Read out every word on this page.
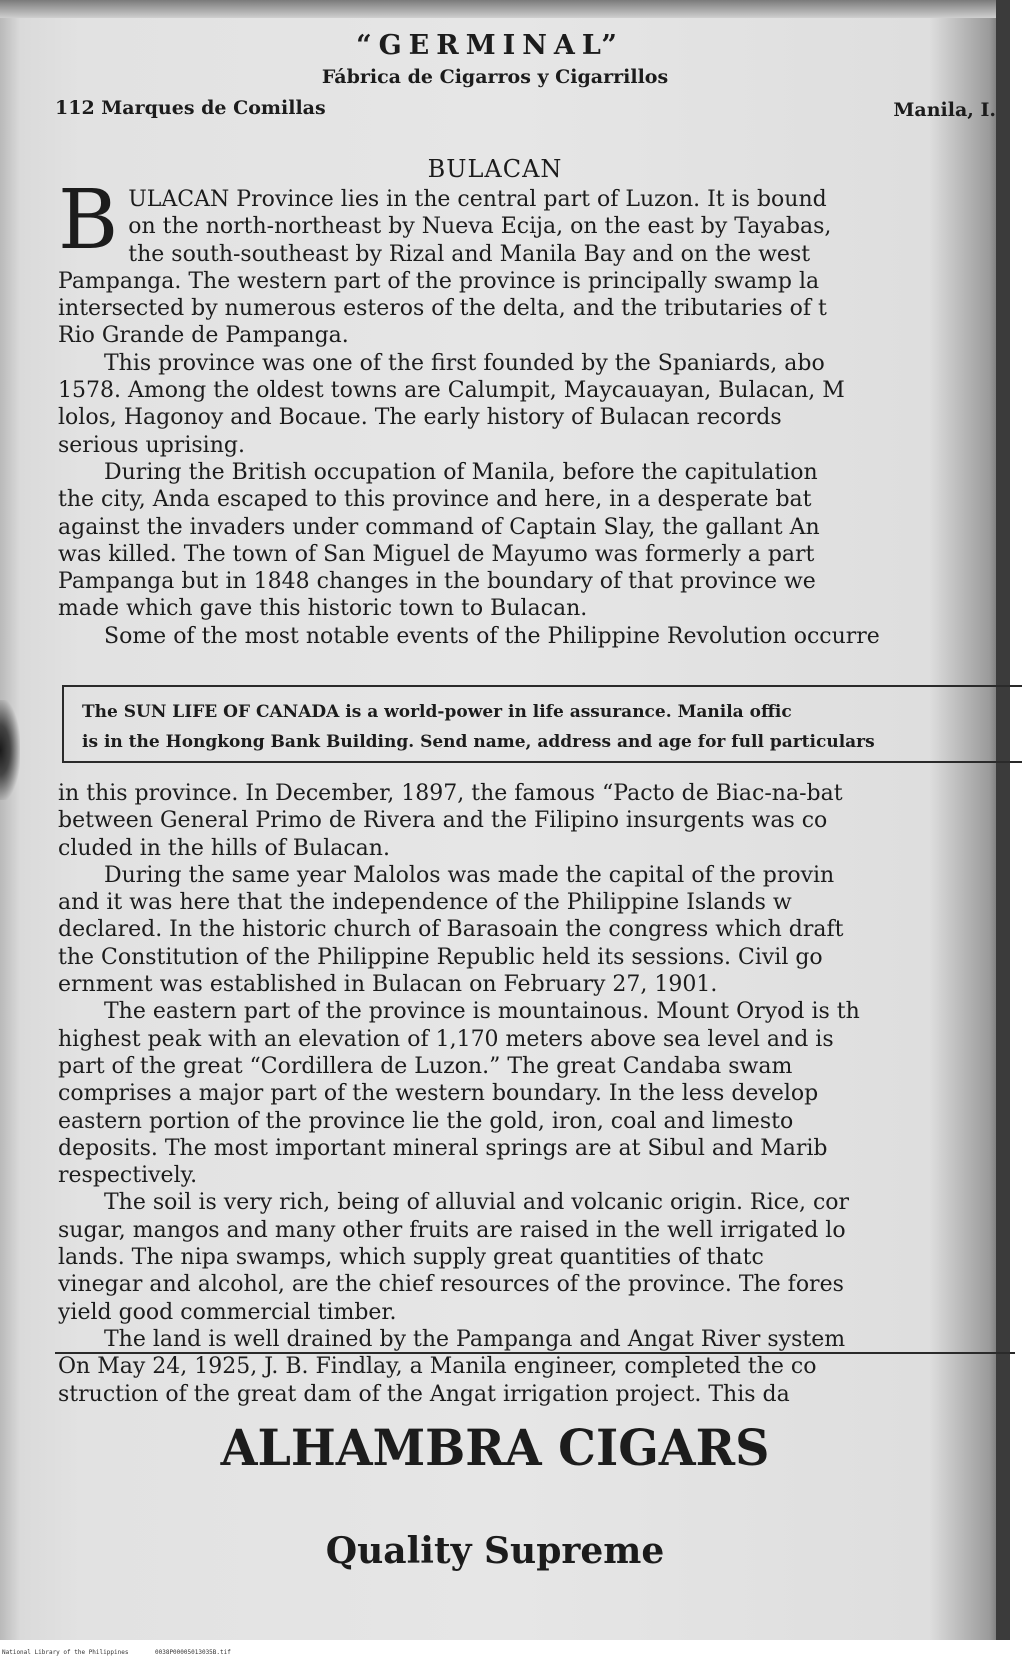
“GERMINAL”
Fábrica de Cigarros y Cigarrillos
112 Marques de Comillas	Manila, I.
BULACAN
B ULACAN Province lies in the central part of Luzon. It is bound

on the north-northeast by Nueva Ecija, on the east by Tayabas,

the south-southeast by Rizal and Manila Bay and on the west

Pampanga. The western part of the province is principally swamp la

intersected by numerous esteros of the delta, and the tributaries of t

Rio Grande de Pampanga.

This province was one of the first founded by the Spaniards, abo

1578. Among the oldest towns are Calumpit, Maycauayan, Bulacan, M

lolos, Hagonoy and Bocaue. The early history of Bulacan records

serious uprising.

During the British occupation of Manila, before the capitulation

the city, Anda escaped to this province and here, in a desperate bat

against the invaders under command of Captain Slay, the gallant An

was killed. The town of San Miguel de Mayumo was formerly a part

Pampanga but in 1848 changes in the boundary of that province we

made which gave this historic town to Bulacan.

Some of the most notable events of the Philippine Revolution occurre

The SUN LIFE OF CANADA is a world-power in life assurance. Manila offic

is in the Hongkong Bank Building. Send name, address and age for full particulars

in this province. In December, 1897, the famous “Pacto de Biac-na-bat

between General Primo de Rivera and the Filipino insurgents was co

cluded in the hills of Bulacan.

During the same year Malolos was made the capital of the provin

and it was here that the independence of the Philippine Islands w

declared. In the historic church of Barasoain the congress which draft

the Constitution of the Philippine Republic held its sessions. Civil go

ernment was established in Bulacan on February 27, 1901.

The eastern part of the province is mountainous. Mount Oryod is th

highest peak with an elevation of 1,170 meters above sea level and is

part of the great “Cordillera de Luzon.” The great Candaba swam

comprises a major part of the western boundary. In the less develop

eastern portion of the province lie the gold, iron, coal and limesto

deposits. The most important mineral springs are at Sibul and Marib

respectively.

The soil is very rich, being of alluvial and volcanic origin. Rice, cor

sugar, mangos and many other fruits are raised in the well irrigated lo

lands. The nipa swamps, which supply great quantities of thatc

vinegar and alcohol, are the chief resources of the province. The fores

yield good commercial timber.

The land is well drained by the Pampanga and Angat River system

On May 24, 1925, J. B. Findlay, a Manila engineer, completed the co

struction of the great dam of the Angat irrigation project. This da

ALHAMBRA CIGARS
Quality Supreme
National Library of the Philippines	0038P00005013035B.tif
